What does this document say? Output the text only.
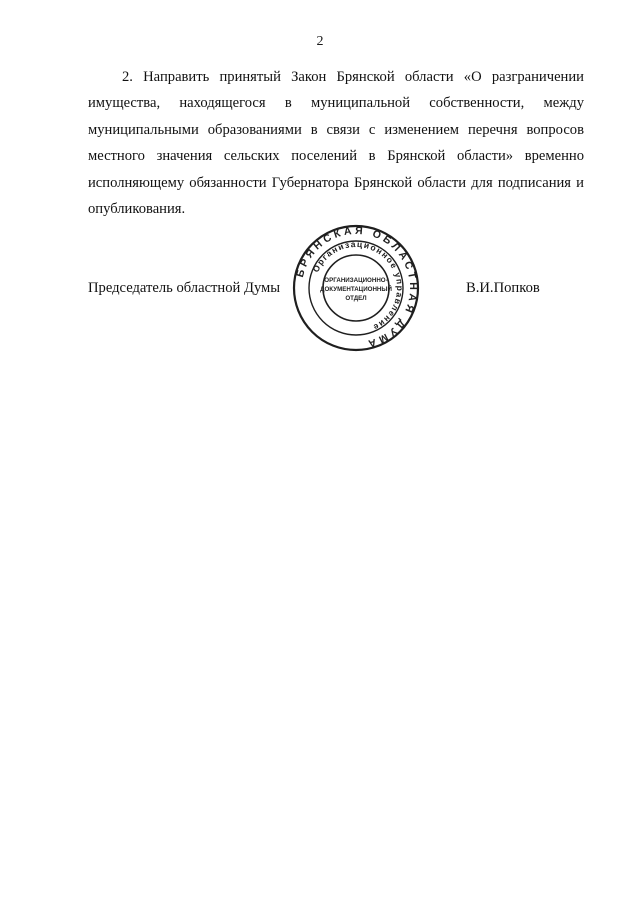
2
2. Направить принятый Закон Брянской области «О разграничении
имущества, находящегося в муниципальной собственности, между
муниципальными образованиями в связи с изменением перечня вопросов
местного значения сельских поселений в Брянской области» временно
исполняющему обязанности Губернатора Брянской области для подписания и
опубликования.
Председатель областной Думы	В.И.Попков
БРЯНСКАЯ ОБЛАСТНАЯ ДУМА
Организационное управление
ОРГАНИЗАЦИОННО-
ДОКУМЕНТАЦИОННЫЙ
ОТДЕЛ
